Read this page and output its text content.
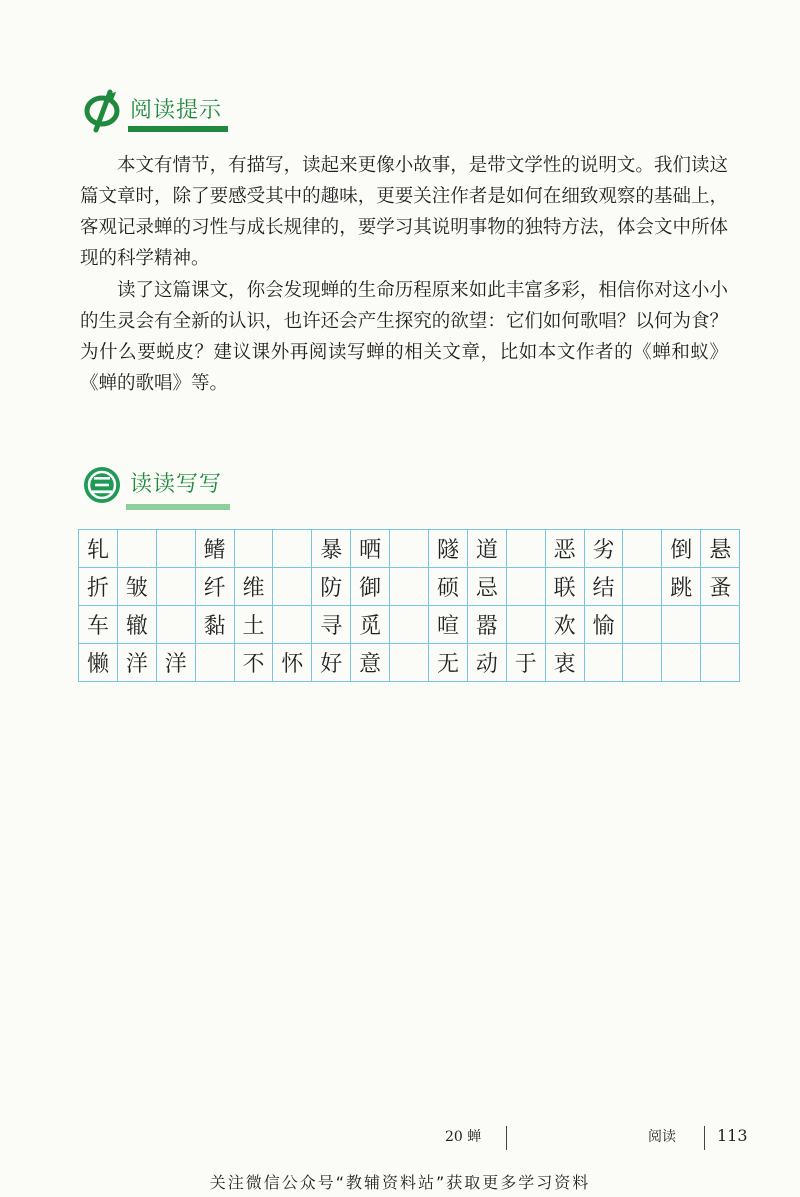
阅读提示

本文有情节，有描写，读起来更像小故事，是带文学性的说明文。我们读这篇文章时，除了要感受其中的趣味，更要关注作者是如何在细致观察的基础上，客观记录蝉的习性与成长规律的，要学习其说明事物的独特方法，体会文中所体现的科学精神。

读了这篇课文，你会发现蝉的生命历程原来如此丰富多彩，相信你对这小小的生灵会有全新的认识，也许还会产生探究的欲望：它们如何歌唱？以何为食？为什么要蜕皮？建议课外再阅读写蝉的相关文章，比如本文作者的《蝉和蚁》《蝉的歌唱》等。

读读写写
轧			鳍			暴	晒		隧	道		恶	劣		倒	悬
折	皱		纤	维		防	御		硕	忌		联	结		跳	蚤
车	辙		黏	土		寻	觅		喧	嚣		欢	愉			
懒	洋	洋		不	怀	好	意		无	动	于	衷				
20 蝉	阅读	113
关注微信公众号“教辅资料站”获取更多学习资料
